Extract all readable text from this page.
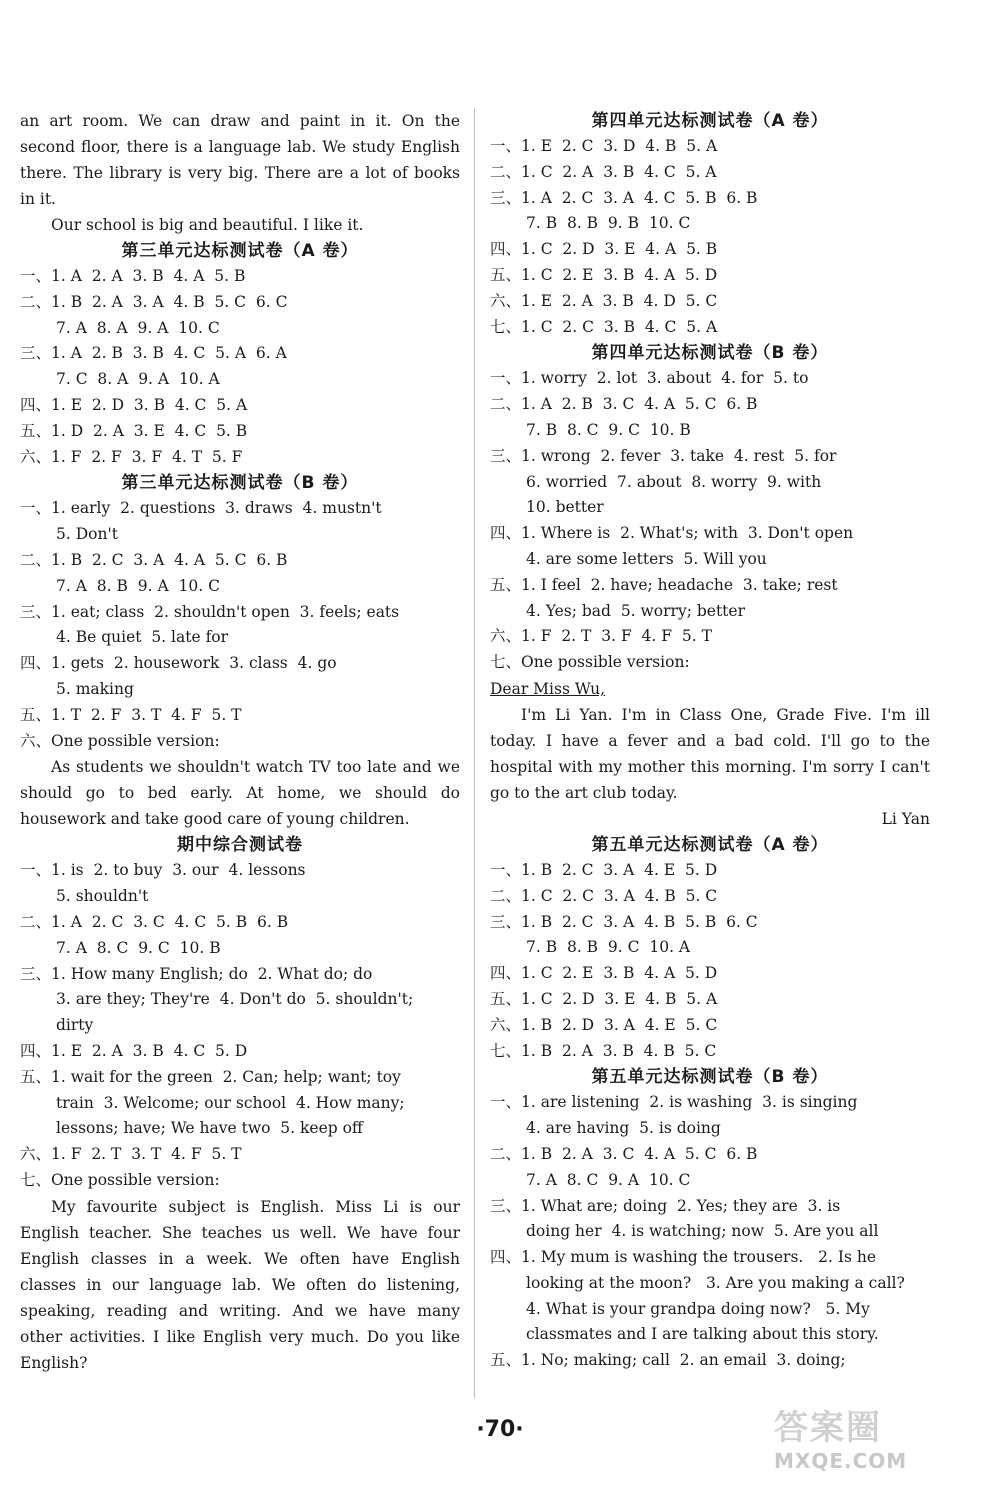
an art room. We can draw and paint in it. On the second floor, there is a language lab. We study English there. The library is very big. There are a lot of books in it.

Our school is big and beautiful. I like it.

第三单元达标测试卷（A 卷）

一、1. A  2. A  3. B  4. A  5. B

二、1. B  2. A  3. A  4. B  5. C  6. C

7. A  8. A  9. A  10. C

三、1. A  2. B  3. B  4. C  5. A  6. A

7. C  8. A  9. A  10. A

四、1. E  2. D  3. B  4. C  5. A

五、1. D  2. A  3. E  4. C  5. B

六、1. F  2. F  3. F  4. T  5. F

第三单元达标测试卷（B 卷）

一、1. early  2. questions  3. draws  4. mustn't

5. Don't

二、1. B  2. C  3. A  4. A  5. C  6. B

7. A  8. B  9. A  10. C

三、1. eat; class  2. shouldn't open  3. feels; eats

4. Be quiet  5. late for

四、1. gets  2. housework  3. class  4. go

5. making

五、1. T  2. F  3. T  4. F  5. T

六、One possible version:

As students we shouldn't watch TV too late and we should go to bed early. At home, we should do housework and take good care of young children.

期中综合测试卷

一、1. is  2. to buy  3. our  4. lessons

5. shouldn't

二、1. A  2. C  3. C  4. C  5. B  6. B

7. A  8. C  9. C  10. B

三、1. How many English; do  2. What do; do

3. are they; They're  4. Don't do  5. shouldn't;

dirty

四、1. E  2. A  3. B  4. C  5. D

五、1. wait for the green  2. Can; help; want; toy

train  3. Welcome; our school  4. How many;

lessons; have; We have two  5. keep off

六、1. F  2. T  3. T  4. F  5. T

七、One possible version:

My favourite subject is English. Miss Li is our English teacher. She teaches us well. We have four English classes in a week. We often have English classes in our language lab. We often do listening, speaking, reading and writing. And we have many other activities. I like English very much. Do you like English?

第四单元达标测试卷（A 卷）

一、1. E  2. C  3. D  4. B  5. A

二、1. C  2. A  3. B  4. C  5. A

三、1. A  2. C  3. A  4. C  5. B  6. B

7. B  8. B  9. B  10. C

四、1. C  2. D  3. E  4. A  5. B

五、1. C  2. E  3. B  4. A  5. D

六、1. E  2. A  3. B  4. D  5. C

七、1. C  2. C  3. B  4. C  5. A

第四单元达标测试卷（B 卷）

一、1. worry  2. lot  3. about  4. for  5. to

二、1. A  2. B  3. C  4. A  5. C  6. B

7. B  8. C  9. C  10. B

三、1. wrong  2. fever  3. take  4. rest  5. for

6. worried  7. about  8. worry  9. with

10. better

四、1. Where is  2. What's; with  3. Don't open

4. are some letters  5. Will you

五、1. I feel  2. have; headache  3. take; rest

4. Yes; bad  5. worry; better

六、1. F  2. T  3. F  4. F  5. T

七、One possible version:

Dear Miss Wu,

I'm Li Yan. I'm in Class One, Grade Five. I'm ill today. I have a fever and a bad cold. I'll go to the hospital with my mother this morning. I'm sorry I can't go to the art club today.

Li Yan

第五单元达标测试卷（A 卷）

一、1. B  2. C  3. A  4. E  5. D

二、1. C  2. C  3. A  4. B  5. C

三、1. B  2. C  3. A  4. B  5. B  6. C

7. B  8. B  9. C  10. A

四、1. C  2. E  3. B  4. A  5. D

五、1. C  2. D  3. E  4. B  5. A

六、1. B  2. D  3. A  4. E  5. C

七、1. B  2. A  3. B  4. B  5. C

第五单元达标测试卷（B 卷）

一、1. are listening  2. is washing  3. is singing

4. are having  5. is doing

二、1. B  2. A  3. C  4. A  5. C  6. B

7. A  8. C  9. A  10. C

三、1. What are; doing  2. Yes; they are  3. is

doing her  4. is watching; now  5. Are you all

四、1. My mum is washing the trousers.   2. Is he

looking at the moon?   3. Are you making a call?

4. What is your grandpa doing now?   5. My

classmates and I are talking about this story.

五、1. No; making; call  2. an email  3. doing;

·70·	答案圈
MXQE.COM
